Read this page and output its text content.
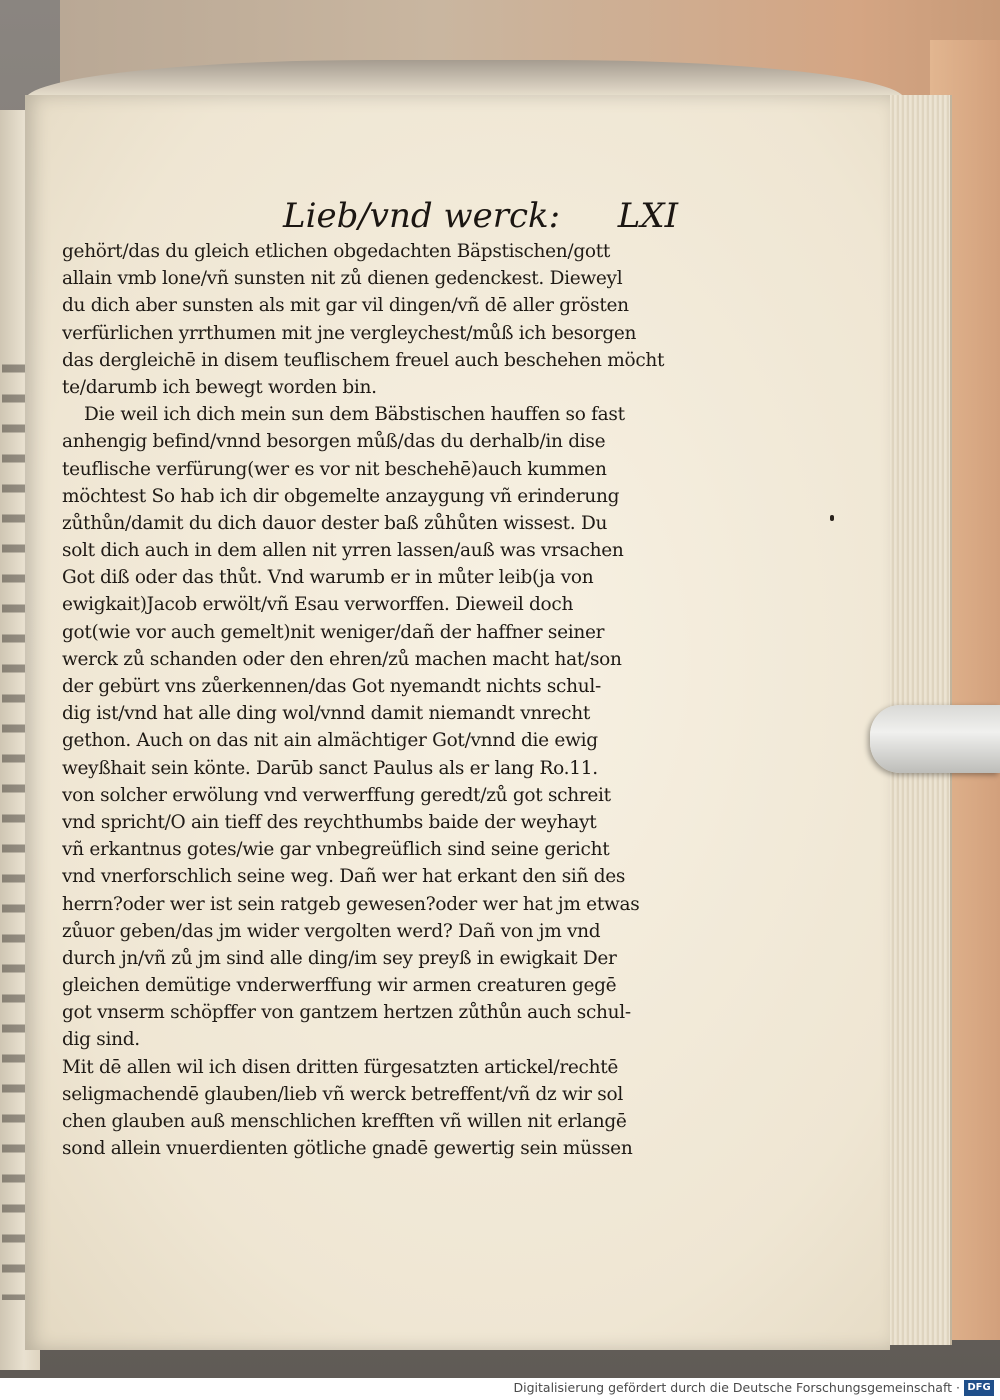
Lieb/vnd werck: LXI
gehört/das du gleich etlichen obgedachten Bäpstischen/gott
allain vmb lone/vñ sunsten nit zů dienen gedenckest. Dieweyl
du dich aber sunsten als mit gar vil dingen/vñ dē aller grösten
verfürlichen yrrthumen mit jne vergleychest/můß ich besorgen
das dergleichē in disem teuflischem freuel auch beschehen möcht
te/darumb ich bewegt worden bin.
Die weil ich dich mein sun dem Bäbstischen hauffen so fast
anhengig befind/vnnd besorgen můß/das du derhalb/in dise
teuflische verfürung(wer es vor nit beschehē)auch kummen
möchtest So hab ich dir obgemelte anzaygung vñ erinderung
zůthůn/damit du dich dauor dester baß zůhůten wissest. Du
solt dich auch in dem allen nit yrren lassen/auß was vrsachen
Got diß oder das thůt. Vnd warumb er in můter leib(ja von
ewigkait)Jacob erwölt/vñ Esau verworffen. Dieweil doch
got(wie vor auch gemelt)nit weniger/dañ der haffner seiner
werck zů schanden oder den ehren/zů machen macht hat/son
der gebürt vns zůerkennen/das Got nyemandt nichts schul-
dig ist/vnd hat alle ding wol/vnnd damit niemandt vnrecht
gethon. Auch on das nit ain almächtiger Got/vnnd die ewig
weyßhait sein könte. Darūb sanct Paulus als er lang Ro.11.
von solcher erwölung vnd verwerffung geredt/zů got schreit
vnd spricht/O ain tieff des reychthumbs baide der weyhayt
vñ erkantnus gotes/wie gar vnbegreüflich sind seine gericht
vnd vnerforschlich seine weg. Dañ wer hat erkant den siñ des
herrn?oder wer ist sein ratgeb gewesen?oder wer hat jm etwas
zůuor geben/das jm wider vergolten werd? Dañ von jm vnd
durch jn/vñ zů jm sind alle ding/im sey preyß in ewigkait Der
gleichen demütige vnderwerffung wir armen creaturen gegē
got vnserm schöpffer von gantzem hertzen zůthůn auch schul-
dig sind.
Mit dē allen wil ich disen dritten fürgesatzten artickel/rechtē
seligmachendē glauben/lieb vñ werck betreffent/vñ dz wir sol
chen glauben auß menschlichen krefften vñ willen nit erlangē
sond allein vnuerdienten götliche gnadē gewertig sein müssen
Digitalisierung gefördert durch die Deutsche Forschungsgemeinschaft · DFG
